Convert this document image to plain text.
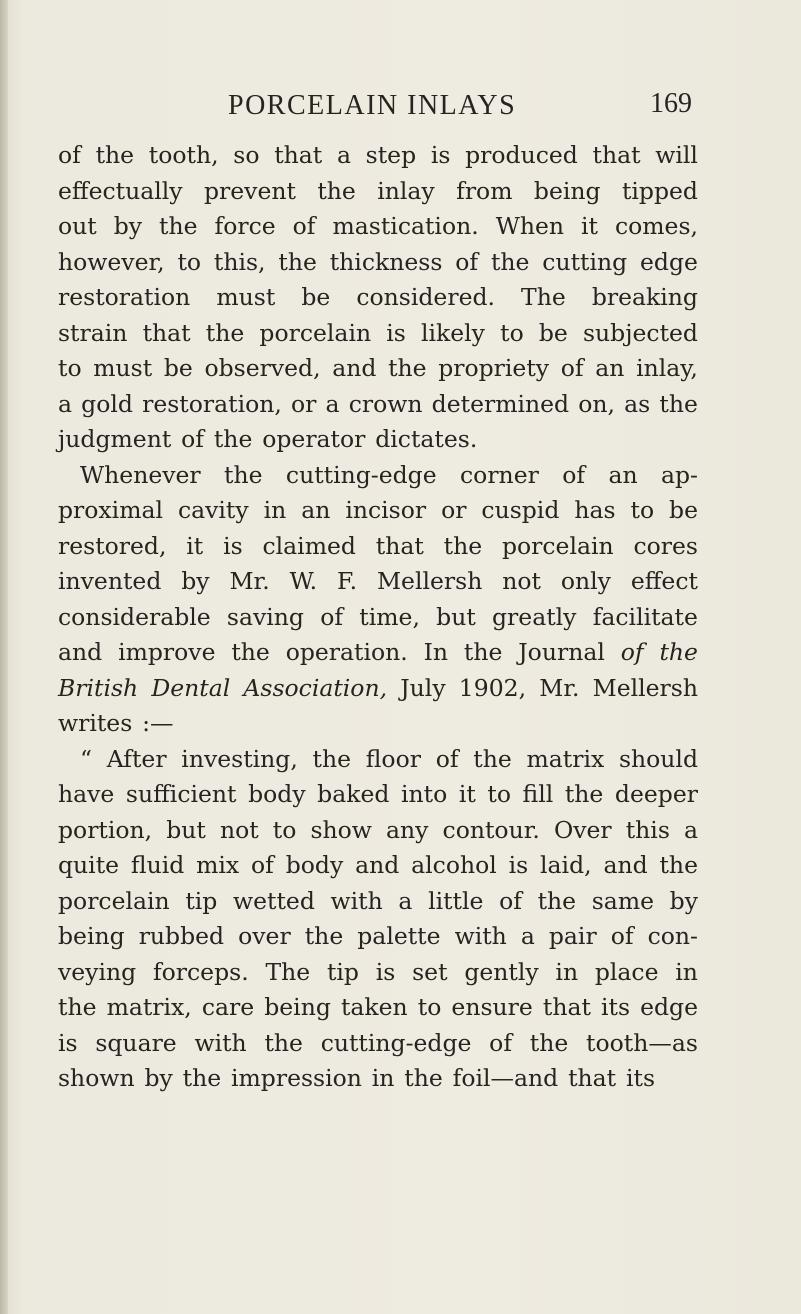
PORCELAIN INLAYS	169
of the tooth, so that a step is produced that will
effectually prevent the inlay from being tipped
out by the force of mastication. When it comes,
however, to this, the thickness of the cutting edge
restoration must be considered. The breaking
strain that the porcelain is likely to be subjected
to must be observed, and the propriety of an inlay,
a gold restoration, or a crown determined on, as the
judgment of the operator dictates.
Whenever the cutting-edge corner of an ap-
proximal cavity in an incisor or cuspid has to be
restored, it is claimed that the porcelain cores
invented by Mr. W. F. Mellersh not only effect
considerable saving of time, but greatly facilitate
and improve the operation. In the Journal of the
British Dental Association, July 1902, Mr. Mellersh
writes :—
“ After investing, the floor of the matrix should
have sufficient body baked into it to fill the deeper
portion, but not to show any contour. Over this a
quite fluid mix of body and alcohol is laid, and the
porcelain tip wetted with a little of the same by
being rubbed over the palette with a pair of con-
veying forceps. The tip is set gently in place in
the matrix, care being taken to ensure that its edge
is square with the cutting-edge of the tooth—as
shown by the impression in the foil—and that its
